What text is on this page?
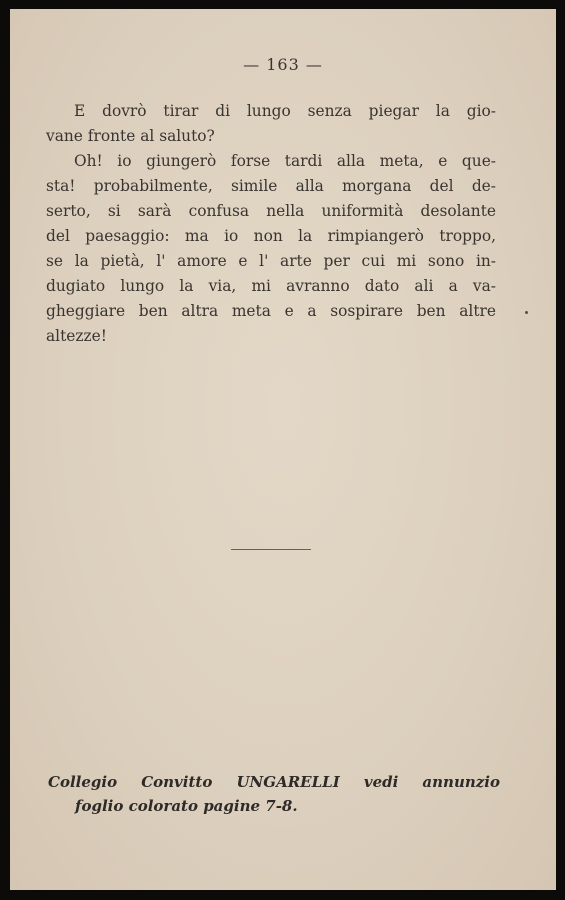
— 163 —
E dovrò tirar di lungo senza piegar la gio-
vane fronte al saluto?
Oh! io giungerò forse tardi alla meta, e que-
sta! probabilmente, simile alla morgana del de-
serto, si sarà confusa nella uniformità desolante
del paesaggio: ma io non la rimpiangerò troppo,
se la pietà, l' amore e l' arte per cui mi sono in-
dugiato lungo la via, mi avranno dato ali a va-
gheggiare ben altra meta e a sospirare ben altre
altezze!
Collegio Convitto UNGARELLI vedi annunzio
foglio colorato pagine 7-8.
